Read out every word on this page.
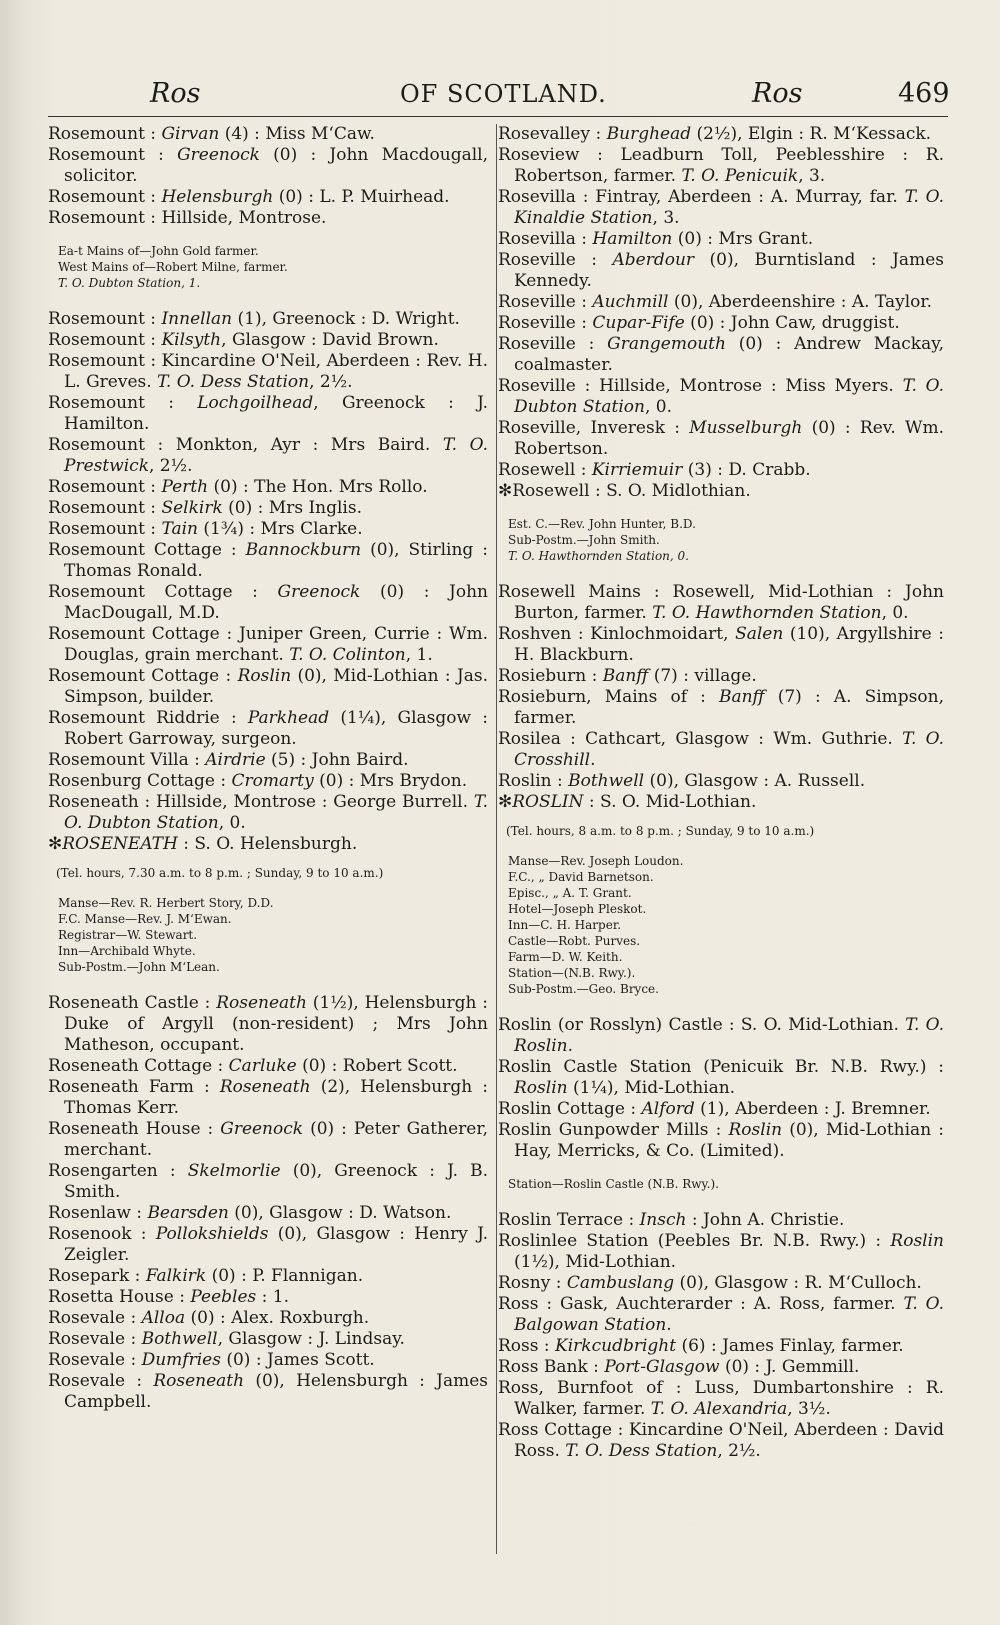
Ros	OF SCOTLAND.	Ros	469
Rosemount : Girvan (4) : Miss M‘Caw.
Rosemount : Greenock (0) : John Macdougall, solicitor.
Rosemount : Helensburgh (0) : L. P. Muirhead.
Rosemount : Hillside, Montrose.
Ea-t Mains of—John Gold farmer.
West Mains of—Robert Milne, farmer.
T. O. Dubton Station, 1.
Rosemount : Innellan (1), Greenock : D. Wright.
Rosemount : Kilsyth, Glasgow : David Brown.
Rosemount : Kincardine O'Neil, Aberdeen : Rev. H. L. Greves. T. O. Dess Station, 2½.
Rosemount : Lochgoilhead, Greenock : J. Hamilton.
Rosemount : Monkton, Ayr : Mrs Baird. T. O. Prestwick, 2½.
Rosemount : Perth (0) : The Hon. Mrs Rollo.
Rosemount : Selkirk (0) : Mrs Inglis.
Rosemount : Tain (1¾) : Mrs Clarke.
Rosemount Cottage : Bannockburn (0), Stirling : Thomas Ronald.
Rosemount Cottage : Greenock (0) : John MacDougall, M.D.
Rosemount Cottage : Juniper Green, Currie : Wm. Douglas, grain merchant. T. O. Colinton, 1.
Rosemount Cottage : Roslin (0), Mid-Lothian : Jas. Simpson, builder.
Rosemount Riddrie : Parkhead (1¼), Glasgow : Robert Garroway, surgeon.
Rosemount Villa : Airdrie (5) : John Baird.
Rosenburg Cottage : Cromarty (0) : Mrs Brydon.
Roseneath : Hillside, Montrose : George Burrell. T. O. Dubton Station, 0.
✻ROSENEATH : S. O. Helensburgh.
(Tel. hours, 7.30 a.m. to 8 p.m. ; Sunday, 9 to 10 a.m.)
Manse—Rev. R. Herbert Story, D.D.
F.C. Manse—Rev. J. M‘Ewan.
Registrar—W. Stewart.
Inn—Archibald Whyte.
Sub-Postm.—John M‘Lean.
Roseneath Castle : Roseneath (1½), Helensburgh : Duke of Argyll (non-resident) ; Mrs John Matheson, occupant.
Roseneath Cottage : Carluke (0) : Robert Scott.
Roseneath Farm : Roseneath (2), Helensburgh : Thomas Kerr.
Roseneath House : Greenock (0) : Peter Gatherer, merchant.
Rosengarten : Skelmorlie (0), Greenock : J. B. Smith.
Rosenlaw : Bearsden (0), Glasgow : D. Watson.
Rosenook : Pollokshields (0), Glasgow : Henry J. Zeigler.
Rosepark : Falkirk (0) : P. Flannigan.
Rosetta House : Peebles : 1.
Rosevale : Alloa (0) : Alex. Roxburgh.
Rosevale : Bothwell, Glasgow : J. Lindsay.
Rosevale : Dumfries (0) : James Scott.
Rosevale : Roseneath (0), Helensburgh : James Campbell.
Rosevalley : Burghead (2½), Elgin : R. M‘Kessack.
Roseview : Leadburn Toll, Peeblesshire : R. Robertson, farmer. T. O. Penicuik, 3.
Rosevilla : Fintray, Aberdeen : A. Murray, far. T. O. Kinaldie Station, 3.
Rosevilla : Hamilton (0) : Mrs Grant.
Roseville : Aberdour (0), Burntisland : James Kennedy.
Roseville : Auchmill (0), Aberdeenshire : A. Taylor.
Roseville : Cupar-Fife (0) : John Caw, druggist.
Roseville : Grangemouth (0) : Andrew Mackay, coalmaster.
Roseville : Hillside, Montrose : Miss Myers. T. O. Dubton Station, 0.
Roseville, Inveresk : Musselburgh (0) : Rev. Wm. Robertson.
Rosewell : Kirriemuir (3) : D. Crabb.
✻Rosewell : S. O. Midlothian.
Est. C.—Rev. John Hunter, B.D.
Sub-Postm.—John Smith.
T. O. Hawthornden Station, 0.
Rosewell Mains : Rosewell, Mid-Lothian : John Burton, farmer. T. O. Hawthornden Station, 0.
Roshven : Kinlochmoidart, Salen (10), Argyllshire : H. Blackburn.
Rosieburn : Banff (7) : village.
Rosieburn, Mains of : Banff (7) : A. Simpson, farmer.
Rosilea : Cathcart, Glasgow : Wm. Guthrie. T. O. Crosshill.
Roslin : Bothwell (0), Glasgow : A. Russell.
✻ROSLIN : S. O. Mid-Lothian.
(Tel. hours, 8 a.m. to 8 p.m. ; Sunday, 9 to 10 a.m.)
Manse—Rev. Joseph Loudon.
F.C., „ David Barnetson.
Episc., „ A. T. Grant.
Hotel—Joseph Pleskot.
Inn—C. H. Harper.
Castle—Robt. Purves.
Farm—D. W. Keith.
Station—(N.B. Rwy.).
Sub-Postm.—Geo. Bryce.
Roslin (or Rosslyn) Castle : S. O. Mid-Lothian. T. O. Roslin.
Roslin Castle Station (Penicuik Br. N.B. Rwy.) : Roslin (1¼), Mid-Lothian.
Roslin Cottage : Alford (1), Aberdeen : J. Bremner.
Roslin Gunpowder Mills : Roslin (0), Mid-Lothian : Hay, Merricks, & Co. (Limited).
Station—Roslin Castle (N.B. Rwy.).
Roslin Terrace : Insch : John A. Christie.
Roslinlee Station (Peebles Br. N.B. Rwy.) : Roslin (1½), Mid-Lothian.
Rosny : Cambuslang (0), Glasgow : R. M‘Culloch.
Ross : Gask, Auchterarder : A. Ross, farmer. T. O. Balgowan Station.
Ross : Kirkcudbright (6) : James Finlay, farmer.
Ross Bank : Port-Glasgow (0) : J. Gemmill.
Ross, Burnfoot of : Luss, Dumbartonshire : R. Walker, farmer. T. O. Alexandria, 3½.
Ross Cottage : Kincardine O'Neil, Aberdeen : David Ross. T. O. Dess Station, 2½.
